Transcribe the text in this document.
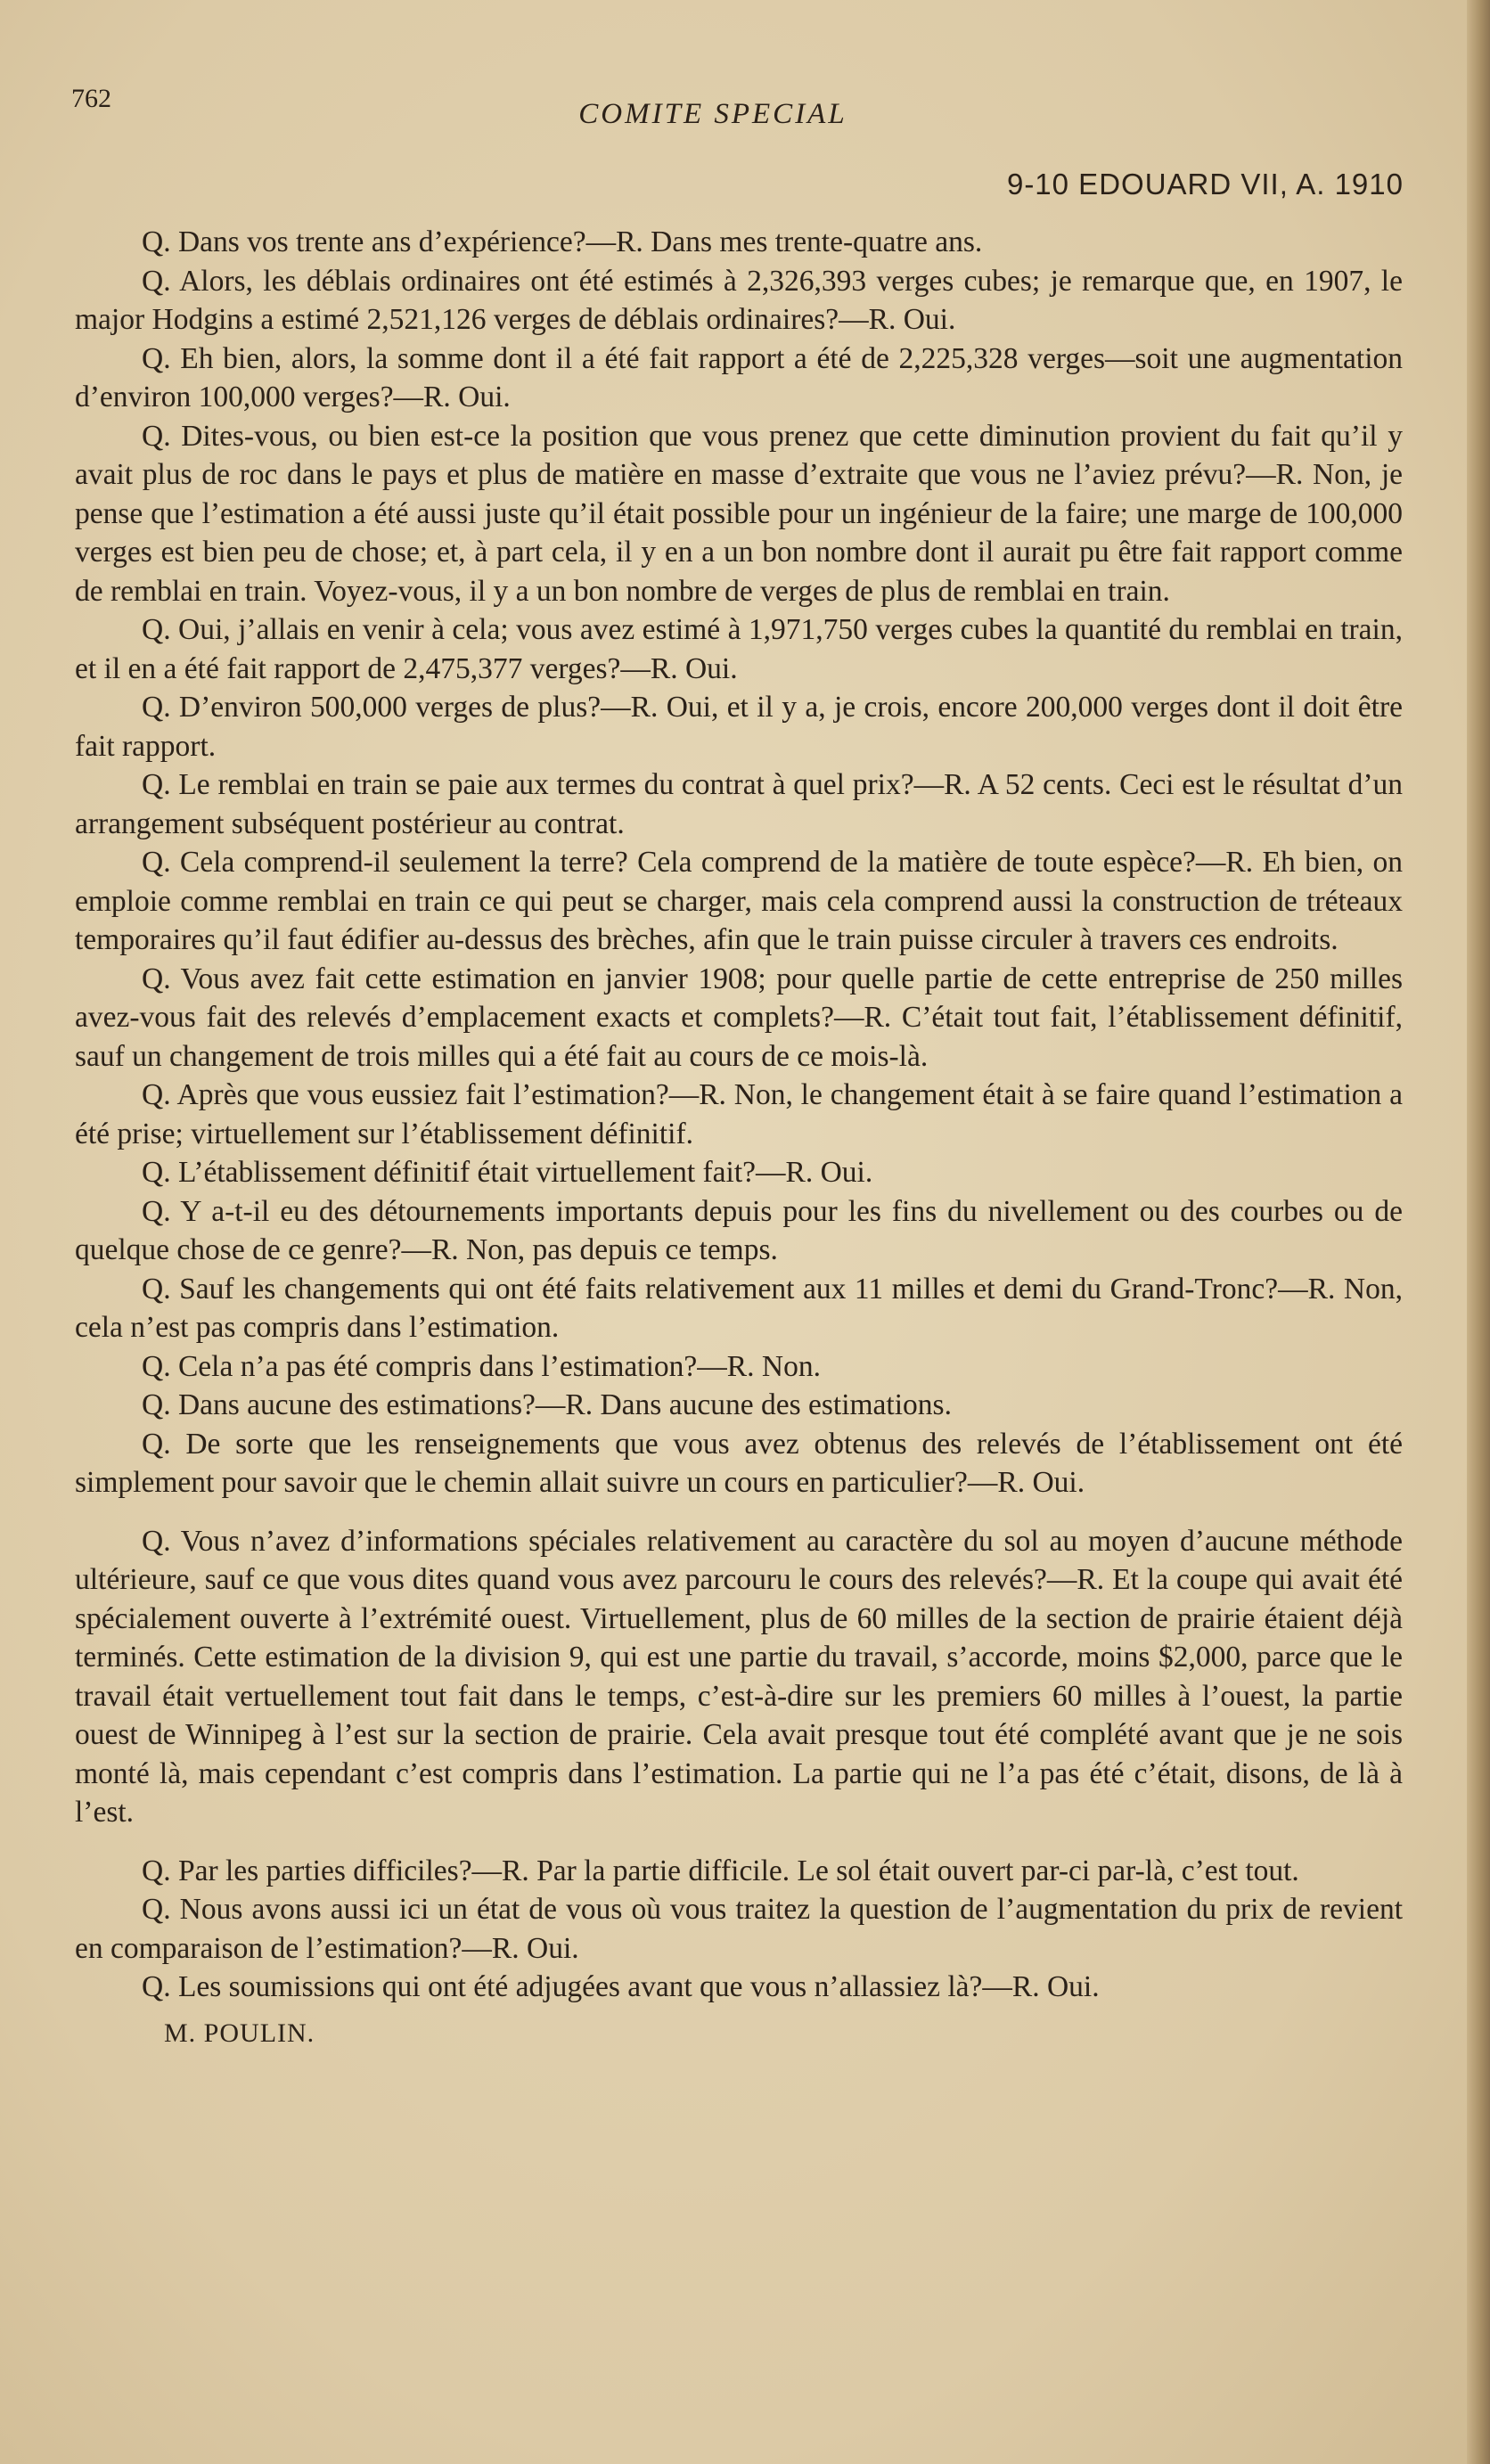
762	COMITE SPECIAL
9-10 EDOUARD VII, A. 1910

Q. Dans vos trente ans d’expérience?—R. Dans mes trente-quatre ans.

Q. Alors, les déblais ordinaires ont été estimés à 2,326,393 verges cubes; je remarque que, en 1907, le major Hodgins a estimé 2,521,126 verges de déblais ordinaires?—R. Oui.

Q. Eh bien, alors, la somme dont il a été fait rapport a été de 2,225,328 verges—soit une augmentation d’environ 100,000 verges?—R. Oui.

Q. Dites-vous, ou bien est-ce la position que vous prenez que cette diminution provient du fait qu’il y avait plus de roc dans le pays et plus de matière en masse d’extraite que vous ne l’aviez prévu?—R. Non, je pense que l’estimation a été aussi juste qu’il était possible pour un ingénieur de la faire; une marge de 100,000 verges est bien peu de chose; et, à part cela, il y en a un bon nombre dont il aurait pu être fait rapport comme de remblai en train. Voyez-vous, il y a un bon nombre de verges de plus de remblai en train.

Q. Oui, j’allais en venir à cela; vous avez estimé à 1,971,750 verges cubes la quantité du remblai en train, et il en a été fait rapport de 2,475,377 verges?—R. Oui.

Q. D’environ 500,000 verges de plus?—R. Oui, et il y a, je crois, encore 200,000 verges dont il doit être fait rapport.

Q. Le remblai en train se paie aux termes du contrat à quel prix?—R. A 52 cents. Ceci est le résultat d’un arrangement subséquent postérieur au contrat.

Q. Cela comprend-il seulement la terre? Cela comprend de la matière de toute espèce?—R. Eh bien, on emploie comme remblai en train ce qui peut se charger, mais cela comprend aussi la construction de tréteaux temporaires qu’il faut édifier au-dessus des brèches, afin que le train puisse circuler à travers ces endroits.

Q. Vous avez fait cette estimation en janvier 1908; pour quelle partie de cette entreprise de 250 milles avez-vous fait des relevés d’emplacement exacts et complets?—R. C’était tout fait, l’établissement définitif, sauf un changement de trois milles qui a été fait au cours de ce mois-là.

Q. Après que vous eussiez fait l’estimation?—R. Non, le changement était à se faire quand l’estimation a été prise; virtuellement sur l’établissement définitif.

Q. L’établissement définitif était virtuellement fait?—R. Oui.

Q. Y a-t-il eu des détournements importants depuis pour les fins du nivellement ou des courbes ou de quelque chose de ce genre?—R. Non, pas depuis ce temps.

Q. Sauf les changements qui ont été faits relativement aux 11 milles et demi du Grand-Tronc?—R. Non, cela n’est pas compris dans l’estimation.

Q. Cela n’a pas été compris dans l’estimation?—R. Non.

Q. Dans aucune des estimations?—R. Dans aucune des estimations.

Q. De sorte que les renseignements que vous avez obtenus des relevés de l’établissement ont été simplement pour savoir que le chemin allait suivre un cours en particulier?—R. Oui.

Q. Vous n’avez d’informations spéciales relativement au caractère du sol au moyen d’aucune méthode ultérieure, sauf ce que vous dites quand vous avez parcouru le cours des relevés?—R. Et la coupe qui avait été spécialement ouverte à l’extrémité ouest. Virtuellement, plus de 60 milles de la section de prairie étaient déjà terminés. Cette estimation de la division 9, qui est une partie du travail, s’accorde, moins $2,000, parce que le travail était vertuellement tout fait dans le temps, c’est-à-dire sur les premiers 60 milles à l’ouest, la partie ouest de Winnipeg à l’est sur la section de prairie. Cela avait presque tout été complété avant que je ne sois monté là, mais cependant c’est compris dans l’estimation. La partie qui ne l’a pas été c’était, disons, de là à l’est.

Q. Par les parties difficiles?—R. Par la partie difficile. Le sol était ouvert par-ci par-là, c’est tout.

Q. Nous avons aussi ici un état de vous où vous traitez la question de l’augmentation du prix de revient en comparaison de l’estimation?—R. Oui.

Q. Les soumissions qui ont été adjugées avant que vous n’allassiez là?—R. Oui.

M. POULIN.
